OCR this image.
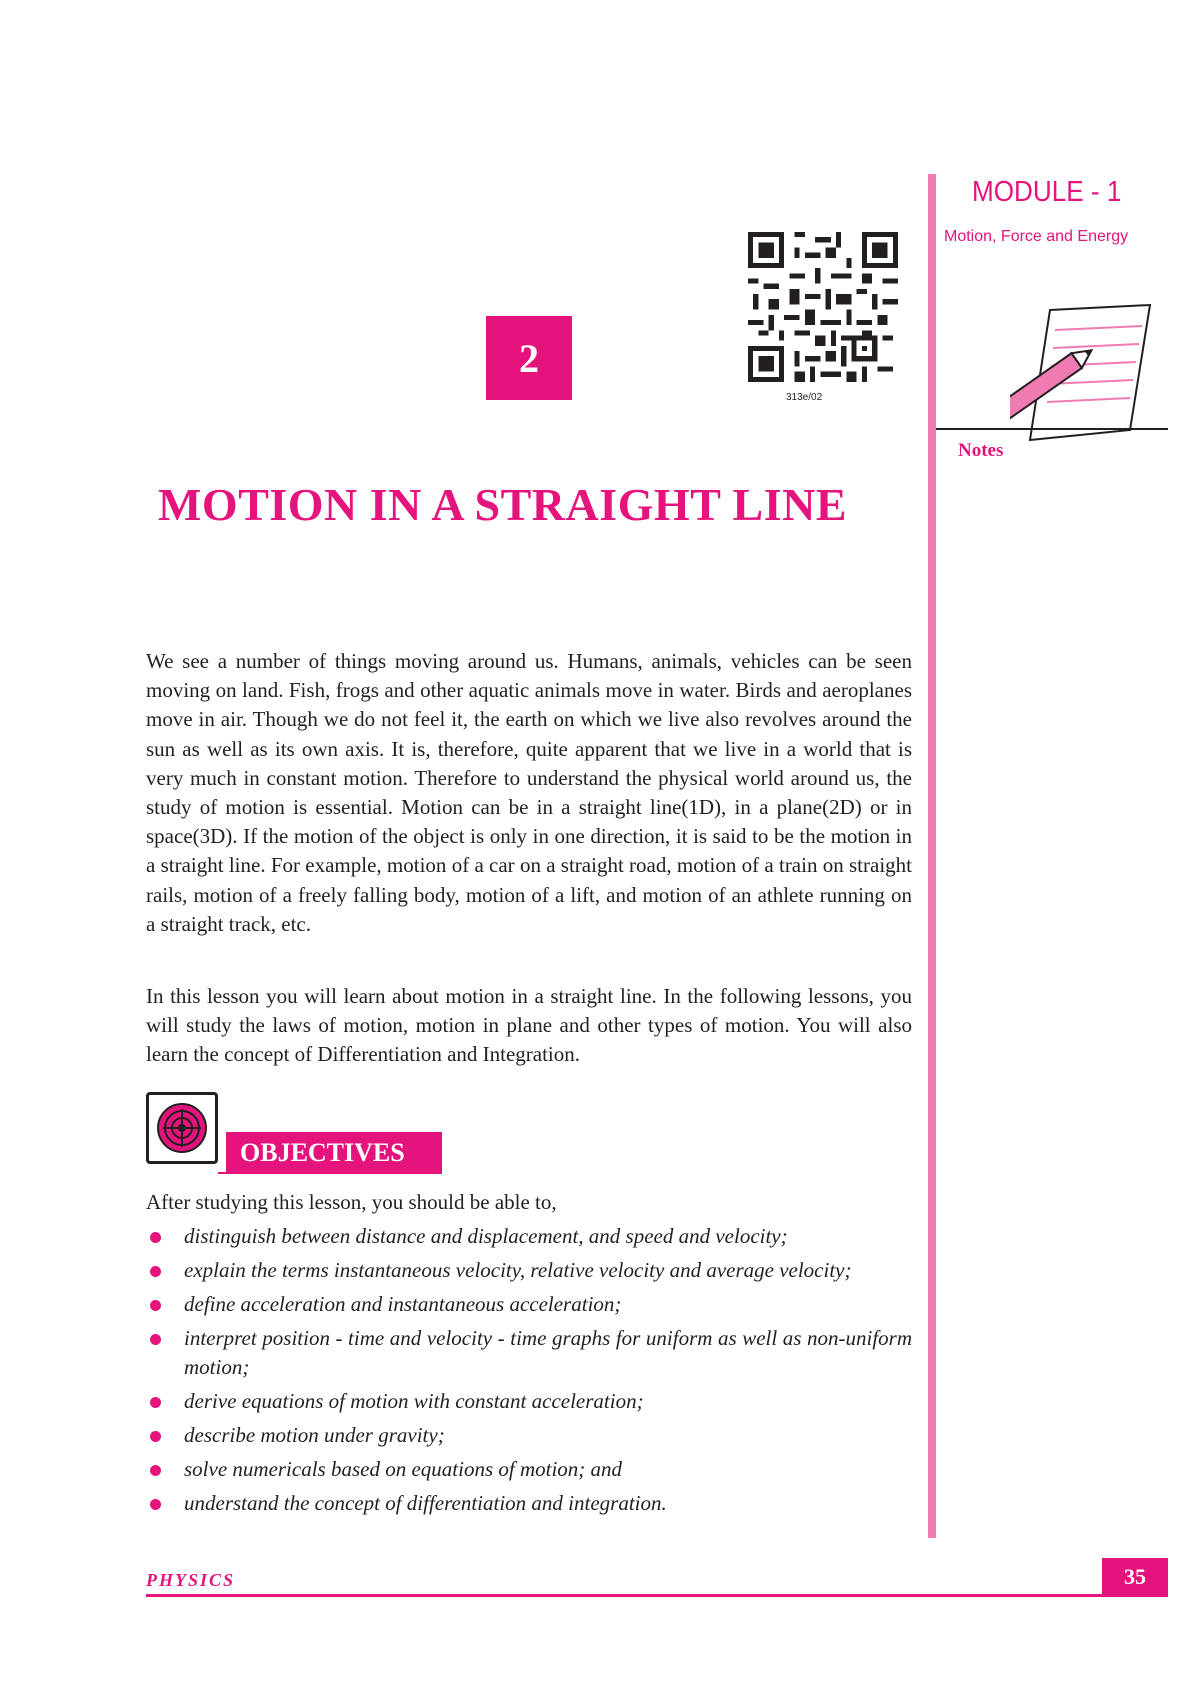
MODULE - 1
Motion, Force and Energy
Notes
313e/02
2
MOTION IN A STRAIGHT LINE

We see a number of things moving around us. Humans, animals, vehicles can be seen moving on land. Fish, frogs and other aquatic animals move in water. Birds and aeroplanes move in air. Though we do not feel it, the earth on which we live also revolves around the sun as well as its own axis. It is, therefore, quite apparent that we live in a world that is very much in constant motion. Therefore to understand the physical world around us, the study of motion is essential. Motion can be in a straight line(1D), in a plane(2D) or in space(3D). If the motion of the object is only in one direction, it is said to be the motion in a straight line. For example, motion of a car on a straight road, motion of a train on straight rails, motion of a freely falling body, motion of a lift, and motion of an athlete running on a straight track, etc.

In this lesson you will learn about motion in a straight line. In the following lessons, you will study the laws of motion, motion in plane and other types of motion. You will also learn the concept of Differentiation and Integration.

OBJECTIVES
After studying this lesson, you should be able to,
distinguish between distance and displacement, and speed and velocity;
explain the terms instantaneous velocity, relative velocity and average velocity;
define acceleration and instantaneous acceleration;
interpret position - time and velocity - time graphs for uniform as well as non-uniform motion;
derive equations of motion with constant acceleration;
describe motion under gravity;
solve numericals based on equations of motion; and
understand the concept of differentiation and integration.
PHYSICS	35
